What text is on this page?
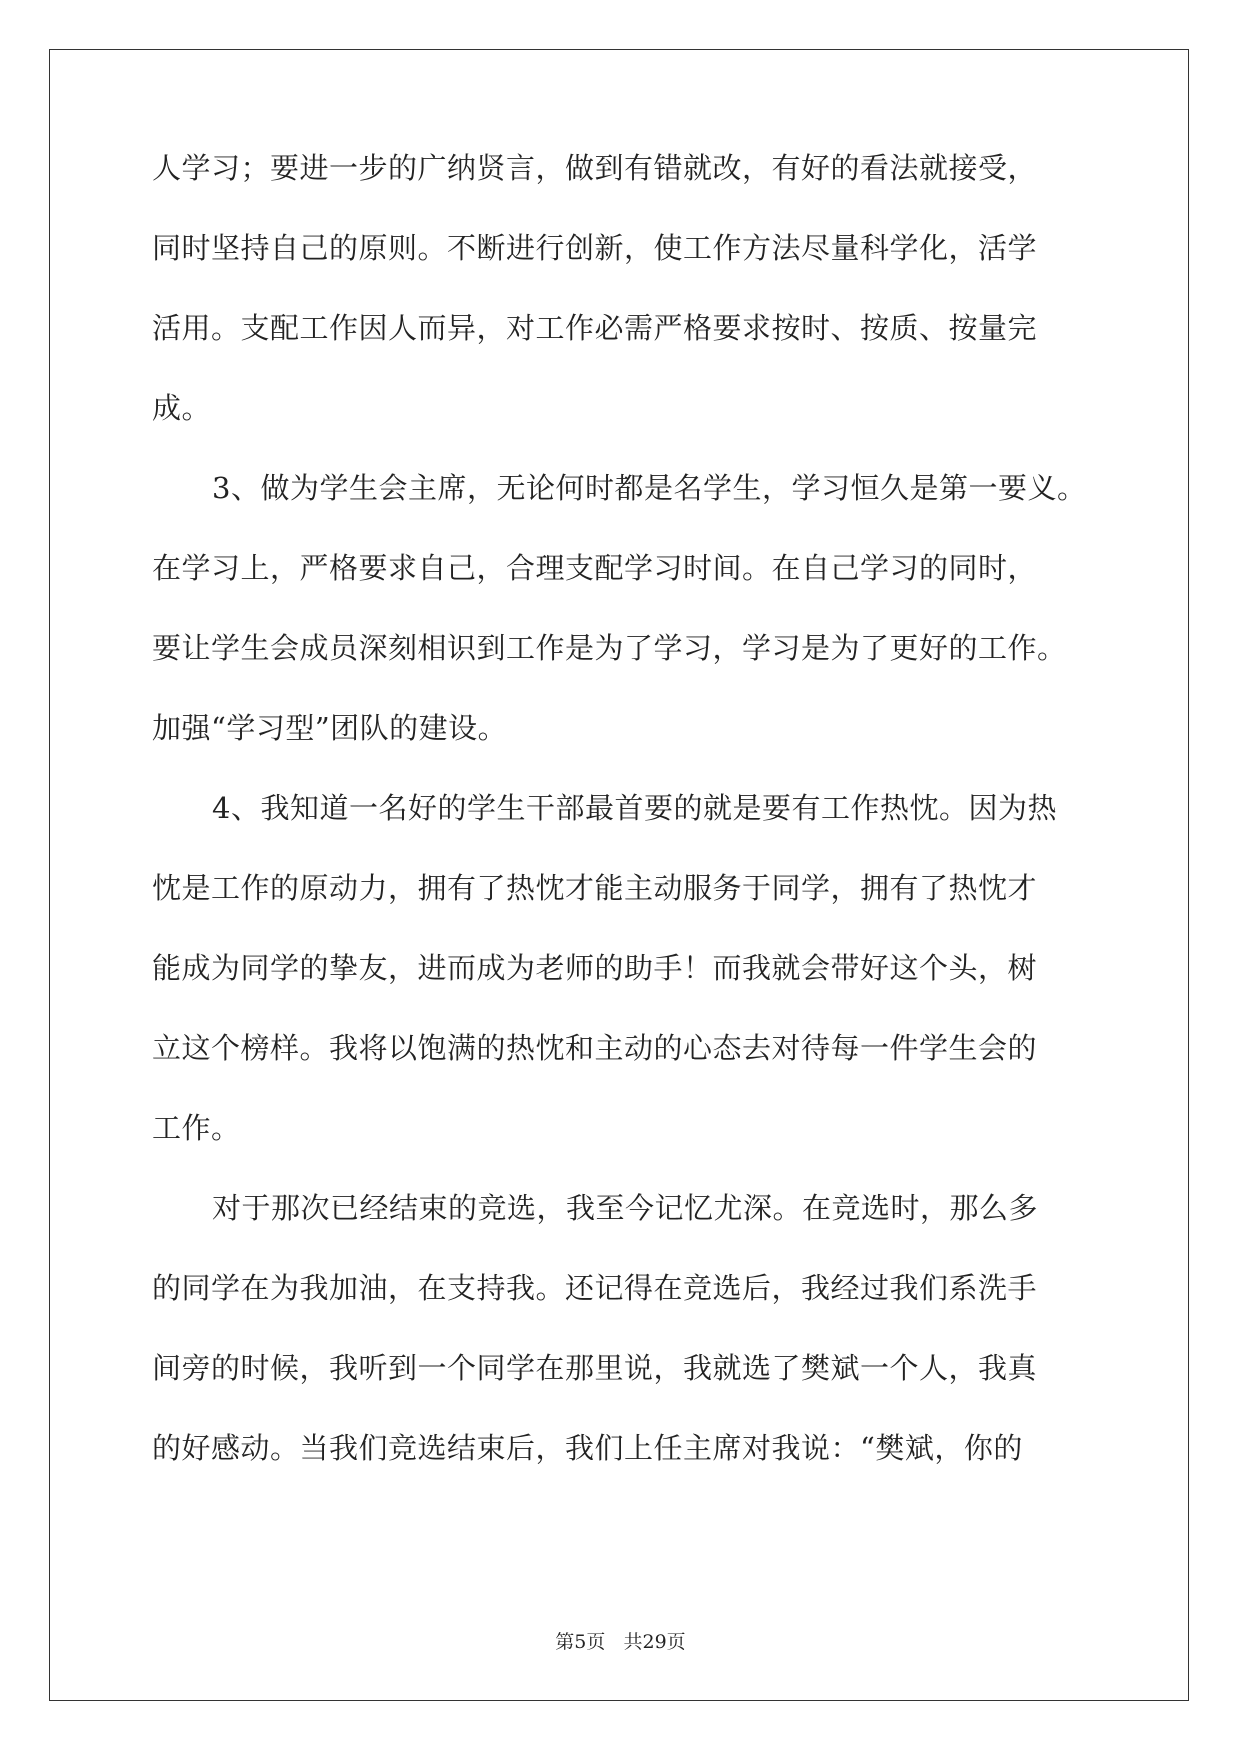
人学习；要进一步的广纳贤言，做到有错就改，有好的看法就接受，
同时坚持自己的原则。不断进行创新，使工作方法尽量科学化，活学
活用。支配工作因人而异，对工作必需严格要求按时、按质、按量完
成。
3、做为学生会主席，无论何时都是名学生，学习恒久是第一要义。
在学习上，严格要求自己，合理支配学习时间。在自己学习的同时，
要让学生会成员深刻相识到工作是为了学习，学习是为了更好的工作。
加强“学习型”团队的建设。
4、我知道一名好的学生干部最首要的就是要有工作热忱。因为热
忱是工作的原动力，拥有了热忱才能主动服务于同学，拥有了热忱才
能成为同学的挚友，进而成为老师的助手！而我就会带好这个头，树
立这个榜样。我将以饱满的热忱和主动的心态去对待每一件学生会的
工作。
对于那次已经结束的竞选，我至今记忆尤深。在竞选时，那么多
的同学在为我加油，在支持我。还记得在竞选后，我经过我们系洗手
间旁的时候，我听到一个同学在那里说，我就选了樊斌一个人，我真
的好感动。当我们竞选结束后，我们上任主席对我说：“樊斌，你的
第5页   共29页
